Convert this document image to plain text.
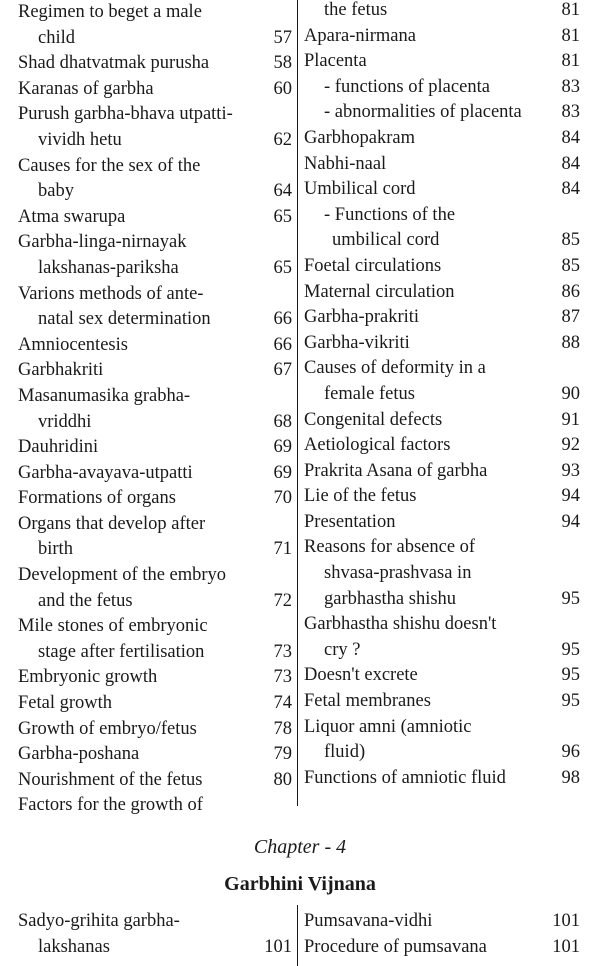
Regimen to beget a male
child	57
Shad dhatvatmak purusha	58
Karanas of garbha	60
Purush garbha-bhava utpatti-
vividh hetu	62
Causes for the sex of the
baby	64
Atma swarupa	65
Garbha-linga-nirnayak
lakshanas-pariksha	65
Varions methods of ante-
natal sex determination	66
Amniocentesis	66
Garbhakriti	67
Masanumasika grabha-
vriddhi	68
Dauhridini	69
Garbha-avayava-utpatti	69
Formations of organs	70
Organs that develop after
birth	71
Development of the embryo
and the fetus	72
Mile stones of embryonic
stage after fertilisation	73
Embryonic growth	73
Fetal growth	74
Growth of embryo/fetus	78
Garbha-poshana	79
Nourishment of the fetus	80
Factors for the growth of
the fetus	81
Apara-nirmana	81
Placenta	81
- functions of placenta	83
- abnormalities of placenta 83
Garbhopakram	84
Nabhi-naal	84
Umbilical cord	84
- Functions of the
umbilical cord	85
Foetal circulations	85
Maternal circulation	86
Garbha-prakriti	87
Garbha-vikriti	88
Causes of deformity in a
female fetus	90
Congenital defects	91
Aetiological factors	92
Prakrita Asana of garbha	93
Lie of the fetus	94
Presentation	94
Reasons for absence of
shvasa-prashvasa in
garbhastha shishu	95
Garbhastha shishu doesn't
cry ?	95
Doesn't excrete	95
Fetal membranes	95
Liquor amni (amniotic
fluid)	96
Functions of amniotic fluid	98
Chapter - 4
Garbhini Vijnana
Sadyo-grihita garbha-
lakshanas	101
Pumsavana-vidhi	101
Procedure of pumsavana	101
